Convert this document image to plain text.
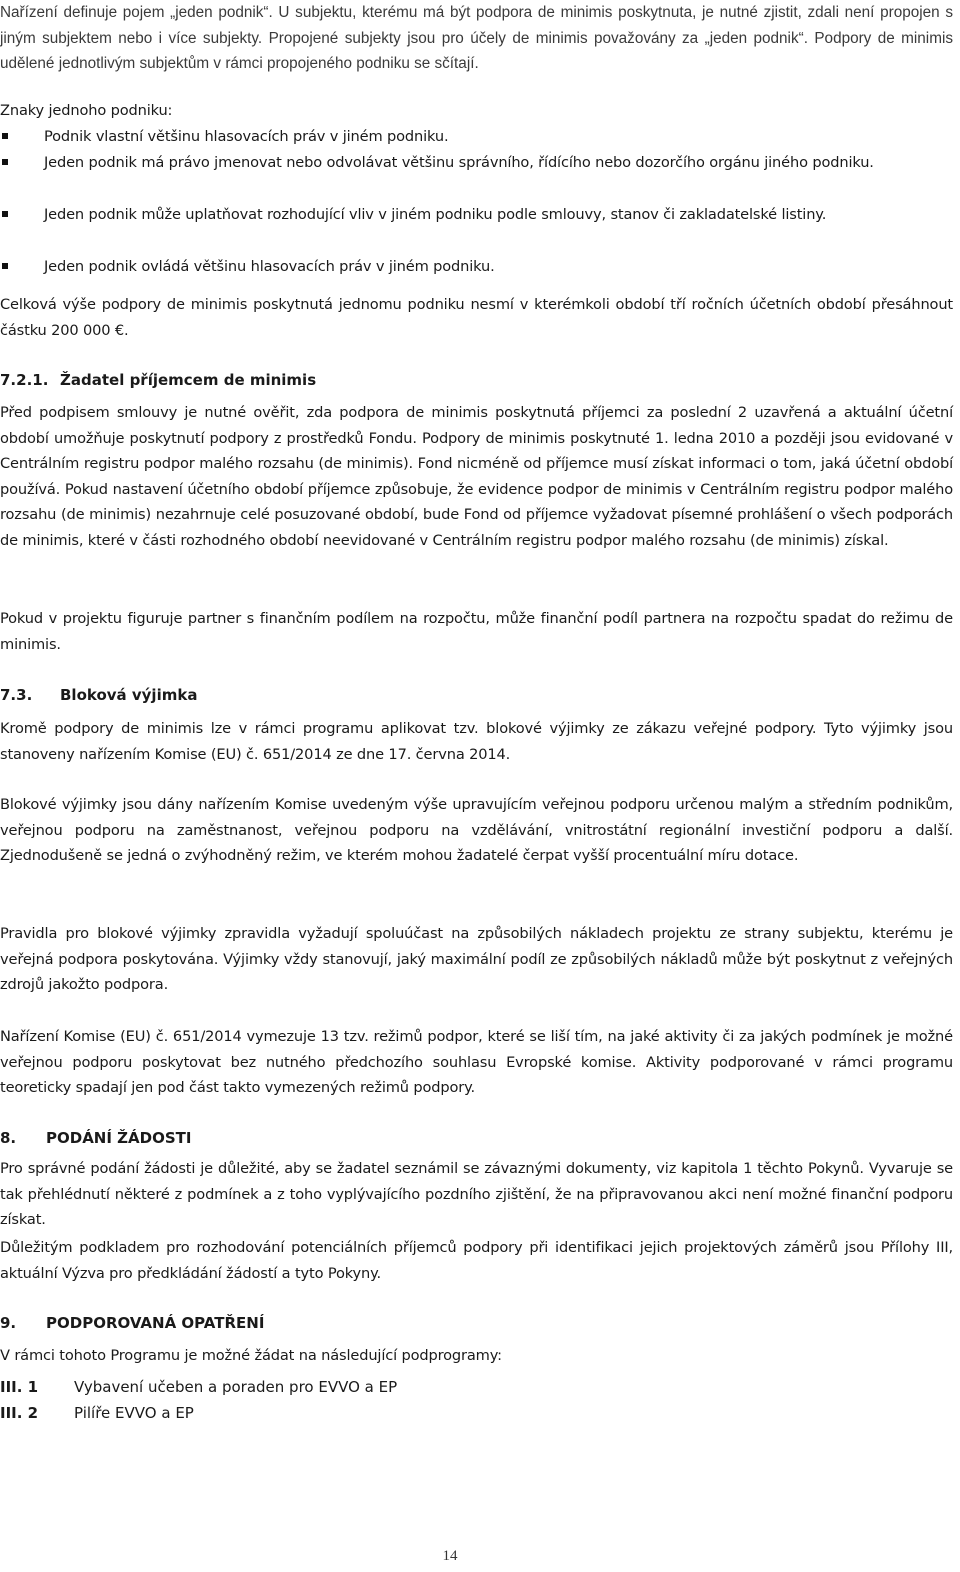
Nařízení definuje pojem „jeden podnik“. U subjektu, kterému má být podpora de minimis poskytnuta, je nutné zjistit, zdali není propojen s jiným subjektem nebo i více subjekty. Propojené subjekty jsou pro účely de minimis považovány za „jeden podnik“. Podpory de minimis udělené jednotlivým subjektům v rámci propojeného podniku se sčítají.
Znaky jednoho podniku:
Podnik vlastní většinu hlasovacích práv v jiném podniku.
Jeden podnik má právo jmenovat nebo odvolávat většinu správního, řídícího nebo dozorčího orgánu jiného podniku.
Jeden podnik může uplatňovat rozhodující vliv v jiném podniku podle smlouvy, stanov či zakladatelské listiny.
Jeden podnik ovládá většinu hlasovacích práv v jiném podniku.
Celková výše podpory de minimis poskytnutá jednomu podniku nesmí v kterémkoli období tří ročních účetních období přesáhnout částku 200 000 €.
7.2.1. Žadatel příjemcem de minimis
Před podpisem smlouvy je nutné ověřit, zda podpora de minimis poskytnutá příjemci za poslední 2 uzavřená a aktuální účetní období umožňuje poskytnutí podpory z prostředků Fondu. Podpory de minimis poskytnuté 1. ledna 2010 a později jsou evidované v Centrálním registru podpor malého rozsahu (de minimis). Fond nicméně od příjemce musí získat informaci o tom, jaká účetní období používá. Pokud nastavení účetního období příjemce způsobuje, že evidence podpor de minimis v Centrálním registru podpor malého rozsahu (de minimis) nezahrnuje celé posuzované období, bude Fond od příjemce vyžadovat písemné prohlášení o všech podporách de minimis, které v části rozhodného období neevidované v Centrálním registru podpor malého rozsahu (de minimis) získal.
Pokud v projektu figuruje partner s finančním podílem na rozpočtu, může finanční podíl partnera na rozpočtu spadat do režimu de minimis.
7.3. Bloková výjimka
Kromě podpory de minimis lze v rámci programu aplikovat tzv. blokové výjimky ze zákazu veřejné podpory. Tyto výjimky jsou stanoveny nařízením Komise (EU) č. 651/2014 ze dne 17. června 2014.
Blokové výjimky jsou dány nařízením Komise uvedeným výše upravujícím veřejnou podporu určenou malým a středním podnikům, veřejnou podporu na zaměstnanost, veřejnou podporu na vzdělávání, vnitrostátní regionální investiční podporu a další. Zjednodušeně se jedná o zvýhodněný režim, ve kterém mohou žadatelé čerpat vyšší procentuální míru dotace.
Pravidla pro blokové výjimky zpravidla vyžadují spoluúčast na způsobilých nákladech projektu ze strany subjektu, kterému je veřejná podpora poskytována. Výjimky vždy stanovují, jaký maximální podíl ze způsobilých nákladů může být poskytnut z veřejných zdrojů jakožto podpora.
Nařízení Komise (EU) č. 651/2014 vymezuje 13 tzv. režimů podpor, které se liší tím, na jaké aktivity či za jakých podmínek je možné veřejnou podporu poskytovat bez nutného předchozího souhlasu Evropské komise. Aktivity podporované v rámci programu teoreticky spadají jen pod část takto vymezených režimů podpory.
8. PODÁNÍ ŽÁDOSTI
Pro správné podání žádosti je důležité, aby se žadatel seznámil se závaznými dokumenty, viz kapitola 1 těchto Pokynů. Vyvaruje se tak přehlédnutí některé z podmínek a z toho vyplývajícího pozdního zjištění, že na připravovanou akci není možné finanční podporu získat.
Důležitým podkladem pro rozhodování potenciálních příjemců podpory při identifikaci jejich projektových záměrů jsou Přílohy III, aktuální Výzva pro předkládání žádostí a tyto Pokyny.
9. PODPOROVANÁ OPATŘENÍ
V rámci tohoto Programu je možné žádat na následující podprogramy:
III. 1 Vybavení učeben a poraden pro EVVO a EP
III. 2 Pilíře EVVO a EP
14
